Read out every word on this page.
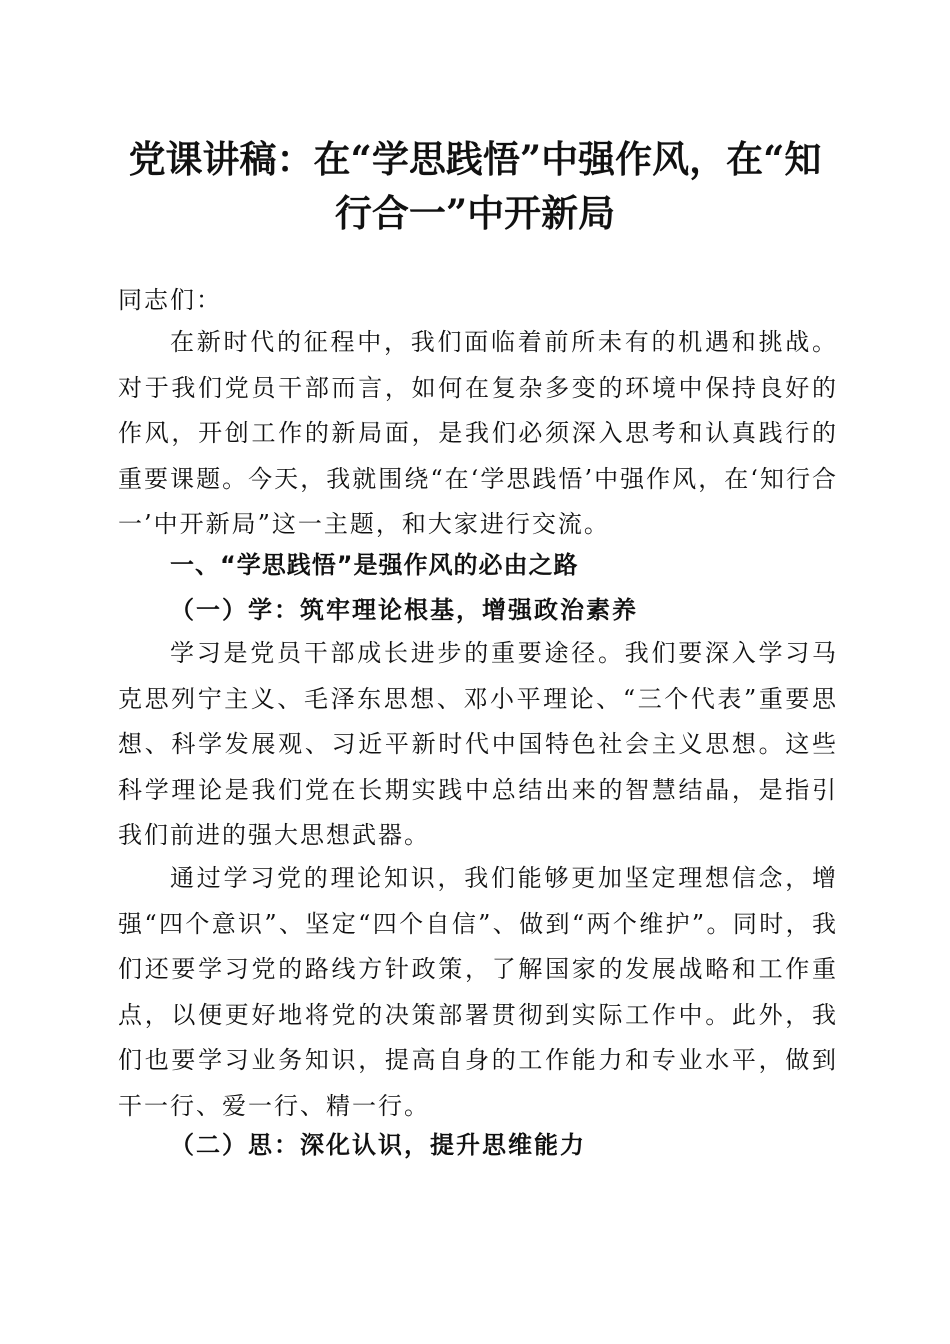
党课讲稿：在“学思践悟”中强作风，在“知
行合一”中开新局
同志们：

在新时代的征程中，我们面临着前所未有的机遇和挑战。对于我们党员干部而言，如何在复杂多变的环境中保持良好的作风，开创工作的新局面，是我们必须深入思考和认真践行的重要课题。今天，我就围绕“在‘学思践悟’中强作风，在‘知行合一’中开新局”这一主题，和大家进行交流。

一、“学思践悟”是强作风的必由之路
（一）学：筑牢理论根基，增强政治素养

学习是党员干部成长进步的重要途径。我们要深入学习马克思列宁主义、毛泽东思想、邓小平理论、“三个代表”重要思想、科学发展观、习近平新时代中国特色社会主义思想。这些科学理论是我们党在长期实践中总结出来的智慧结晶，是指引我们前进的强大思想武器。

通过学习党的理论知识，我们能够更加坚定理想信念，增强“四个意识”、坚定“四个自信”、做到“两个维护”。同时，我们还要学习党的路线方针政策，了解国家的发展战略和工作重点，以便更好地将党的决策部署贯彻到实际工作中。此外，我们也要学习业务知识，提高自身的工作能力和专业水平，做到干一行、爱一行、精一行。

（二）思：深化认识，提升思维能力
